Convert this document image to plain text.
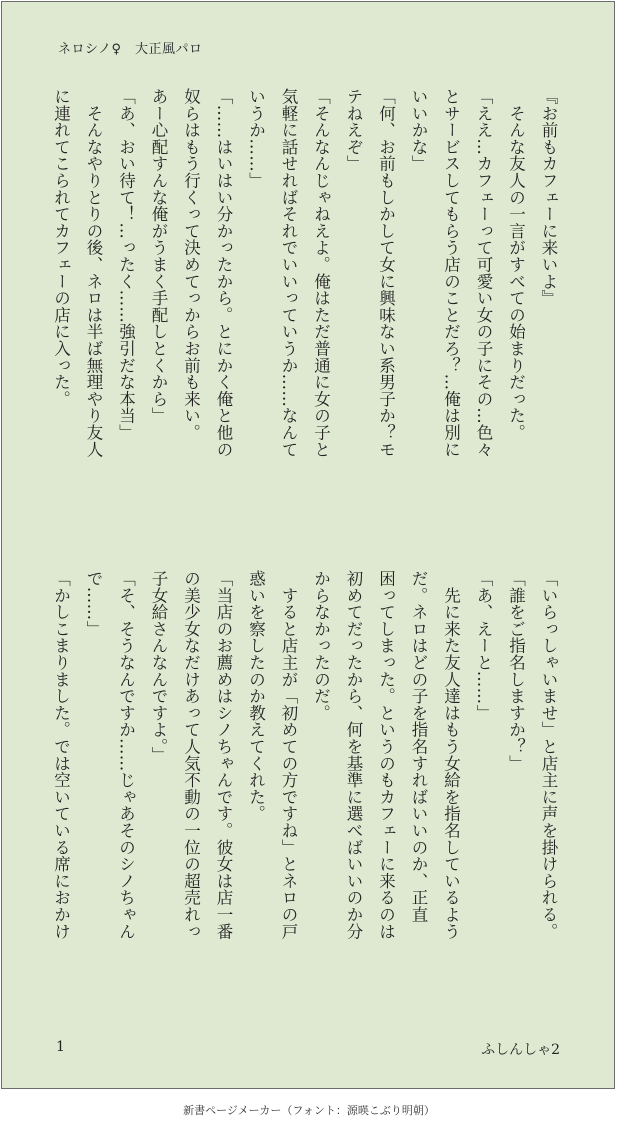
ネロシノ♀　大正風パロ
『お前もカフェーに来いよ』
　そんな友人の一言がすべての始まりだった。
「ええ…カフェーって可愛い女の子にその…色々
とサービスしてもらう店のことだろ？…俺は別に
いいかな」
「何、お前もしかして女に興味ない系男子か？モ
テねえぞ」
「そんなんじゃねえよ。俺はただ普通に女の子と
気軽に話せればそれでいいっていうか……なんて
いうか……」
「……はいはい分かったから。とにかく俺と他の
奴らはもう行くって決めてっからお前も来い。
あー心配すんな俺がうまく手配しとくから」
「あ、おい待て！…ったく……強引だな本当」
　そんなやりとりの後、ネロは半ば無理やり友人
に連れてこられてカフェーの店に入った。
「いらっしゃいませ」と店主に声を掛けられる。
「誰をご指名しますか？」
「あ、えーと……」
　先に来た友人達はもう女給を指名しているよう
だ。ネロはどの子を指名すればいいのか、正直
困ってしまった。というのもカフェーに来るのは
初めてだったから、何を基準に選べばいいのか分
からなかったのだ。
　すると店主が「初めての方ですね」とネロの戸
惑いを察したのか教えてくれた。
「当店のお薦めはシノちゃんです。彼女は店一番
の美少女なだけあって人気不動の一位の超売れっ
子女給さんなんですよ。」
「そ、そうなんですか……じゃあそのシノちゃん
で……」
「かしこまりました。では空いている席におかけ
1	ふしんしゃ2
新書ページメーカー（フォント：源暎こぶり明朝）
